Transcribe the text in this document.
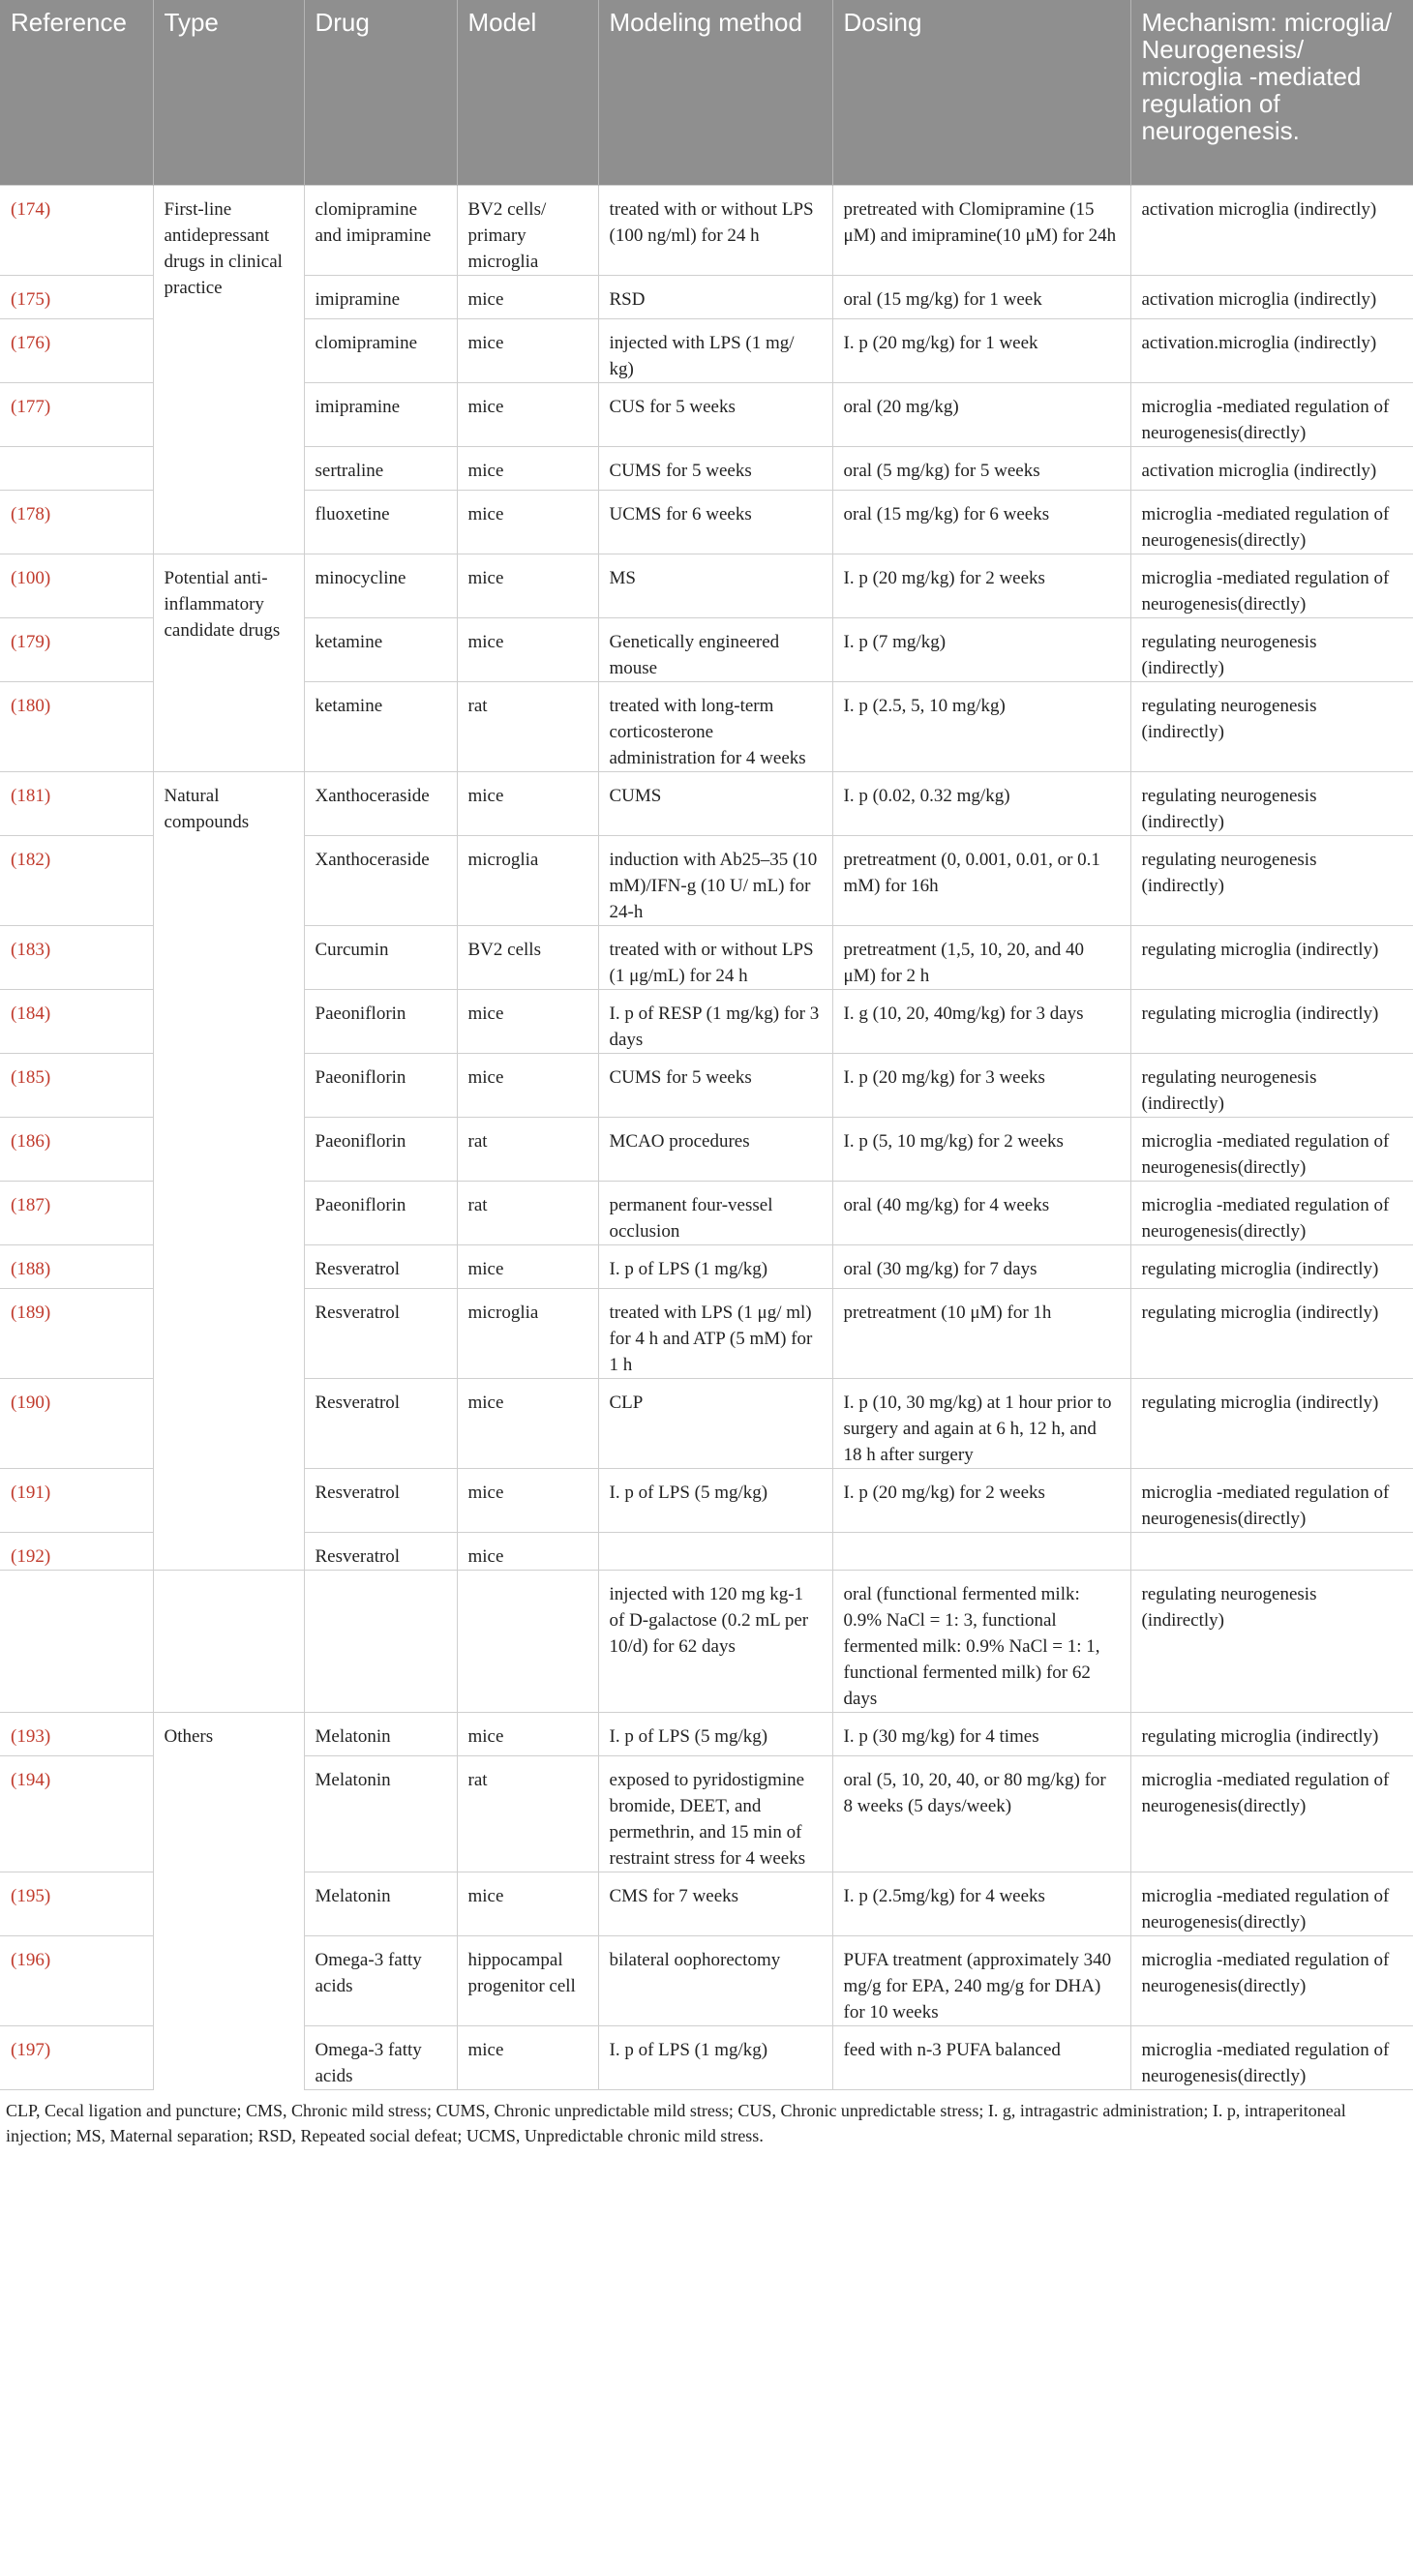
Reference	Type	Drug	Model	Modeling method	Dosing	Mechanism: microglia/ Neurogenesis/ microglia -mediated regulation of neurogenesis.
(174)	First-line antidepressant drugs in clinical practice	clomipramine and imipramine	BV2 cells/ primary microglia	treated with or without LPS (100 ng/ml) for 24 h	pretreated with Clomipramine (15 μM) and imipramine(10 μM) for 24h	activation microglia (indirectly)
(175)		imipramine	mice	RSD	oral (15 mg/kg) for 1 week	activation microglia (indirectly)
(176)		clomipramine	mice	injected with LPS (1 mg/ kg)	I. p (20 mg/kg) for 1 week	activation.microglia (indirectly)
(177)		imipramine	mice	CUS for 5 weeks	oral (20 mg/kg)	microglia -mediated regulation of neurogenesis(directly)
		sertraline	mice	CUMS for 5 weeks	oral (5 mg/kg) for 5 weeks	activation microglia (indirectly)
(178)		fluoxetine	mice	UCMS for 6 weeks	oral (15 mg/kg) for 6 weeks	microglia -mediated regulation of neurogenesis(directly)
(100)	Potential anti-inflammatory candidate drugs	minocycline	mice	MS	I. p (20 mg/kg) for 2 weeks	microglia -mediated regulation of neurogenesis(directly)
(179)		ketamine	mice	Genetically engineered mouse	I. p (7 mg/kg)	regulating neurogenesis (indirectly)
(180)		ketamine	rat	treated with long-term corticosterone administration for 4 weeks	I. p (2.5, 5, 10 mg/kg)	regulating neurogenesis (indirectly)
(181)	Natural compounds	Xanthoceraside	mice	CUMS	I. p (0.02, 0.32 mg/kg)	regulating neurogenesis (indirectly)
(182)		Xanthoceraside	microglia	induction with Ab25–35 (10 mM)/IFN-g (10 U/ mL) for 24-h	pretreatment (0, 0.001, 0.01, or 0.1 mM) for 16h	regulating neurogenesis (indirectly)
(183)		Curcumin	BV2 cells	treated with or without LPS (1 μg/mL) for 24 h	pretreatment (1,5, 10, 20, and 40 μM) for 2 h	regulating microglia (indirectly)
(184)		Paeoniflorin	mice	I. p of RESP (1 mg/kg) for 3 days	I. g (10, 20, 40mg/kg) for 3 days	regulating microglia (indirectly)
(185)		Paeoniflorin	mice	CUMS for 5 weeks	I. p (20 mg/kg) for 3 weeks	regulating neurogenesis (indirectly)
(186)		Paeoniflorin	rat	MCAO procedures	I. p (5, 10 mg/kg) for 2 weeks	microglia -mediated regulation of neurogenesis(directly)
(187)		Paeoniflorin	rat	permanent four-vessel occlusion	oral (40 mg/kg) for 4 weeks	microglia -mediated regulation of neurogenesis(directly)
(188)		Resveratrol	mice	I. p of LPS (1 mg/kg)	oral (30 mg/kg) for 7 days	regulating microglia (indirectly)
(189)		Resveratrol	microglia	treated with LPS (1 μg/ ml) for 4 h and ATP (5 mM) for 1 h	pretreatment (10 μM) for 1h	regulating microglia (indirectly)
(190)		Resveratrol	mice	CLP	I. p (10, 30 mg/kg) at 1 hour prior to surgery and again at 6 h, 12 h, and 18 h after surgery	regulating microglia (indirectly)
(191)		Resveratrol	mice	I. p of LPS (5 mg/kg)	I. p (20 mg/kg) for 2 weeks	microglia -mediated regulation of neurogenesis(directly)
(192)		Resveratrol	mice			
				injected with 120 mg kg-1 of D-galactose (0.2 mL per 10/d) for 62 days	oral (functional fermented milk: 0.9% NaCl = 1: 3, functional fermented milk: 0.9% NaCl = 1: 1, functional fermented milk) for 62 days	regulating neurogenesis (indirectly)
(193)	Others	Melatonin	mice	I. p of LPS (5 mg/kg)	I. p (30 mg/kg) for 4 times	regulating microglia (indirectly)
(194)		Melatonin	rat	exposed to pyridostigmine bromide, DEET, and permethrin, and 15 min of restraint stress for 4 weeks	oral (5, 10, 20, 40, or 80 mg/kg) for 8 weeks (5 days/week)	microglia -mediated regulation of neurogenesis(directly)
(195)		Melatonin	mice	CMS for 7 weeks	I. p (2.5mg/kg) for 4 weeks	microglia -mediated regulation of neurogenesis(directly)
(196)		Omega-3 fatty acids	hippocampal progenitor cell	bilateral oophorectomy	PUFA treatment (approximately 340 mg/g for EPA, 240 mg/g for DHA) for 10 weeks	microglia -mediated regulation of neurogenesis(directly)
(197)		Omega-3 fatty acids	mice	I. p of LPS (1 mg/kg)	feed with n-3 PUFA balanced	microglia -mediated regulation of neurogenesis(directly)
CLP, Cecal ligation and puncture; CMS, Chronic mild stress; CUMS, Chronic unpredictable mild stress; CUS, Chronic unpredictable stress; I. g, intragastric administration; I. p, intraperitoneal injection; MS, Maternal separation; RSD, Repeated social defeat; UCMS, Unpredictable chronic mild stress.
